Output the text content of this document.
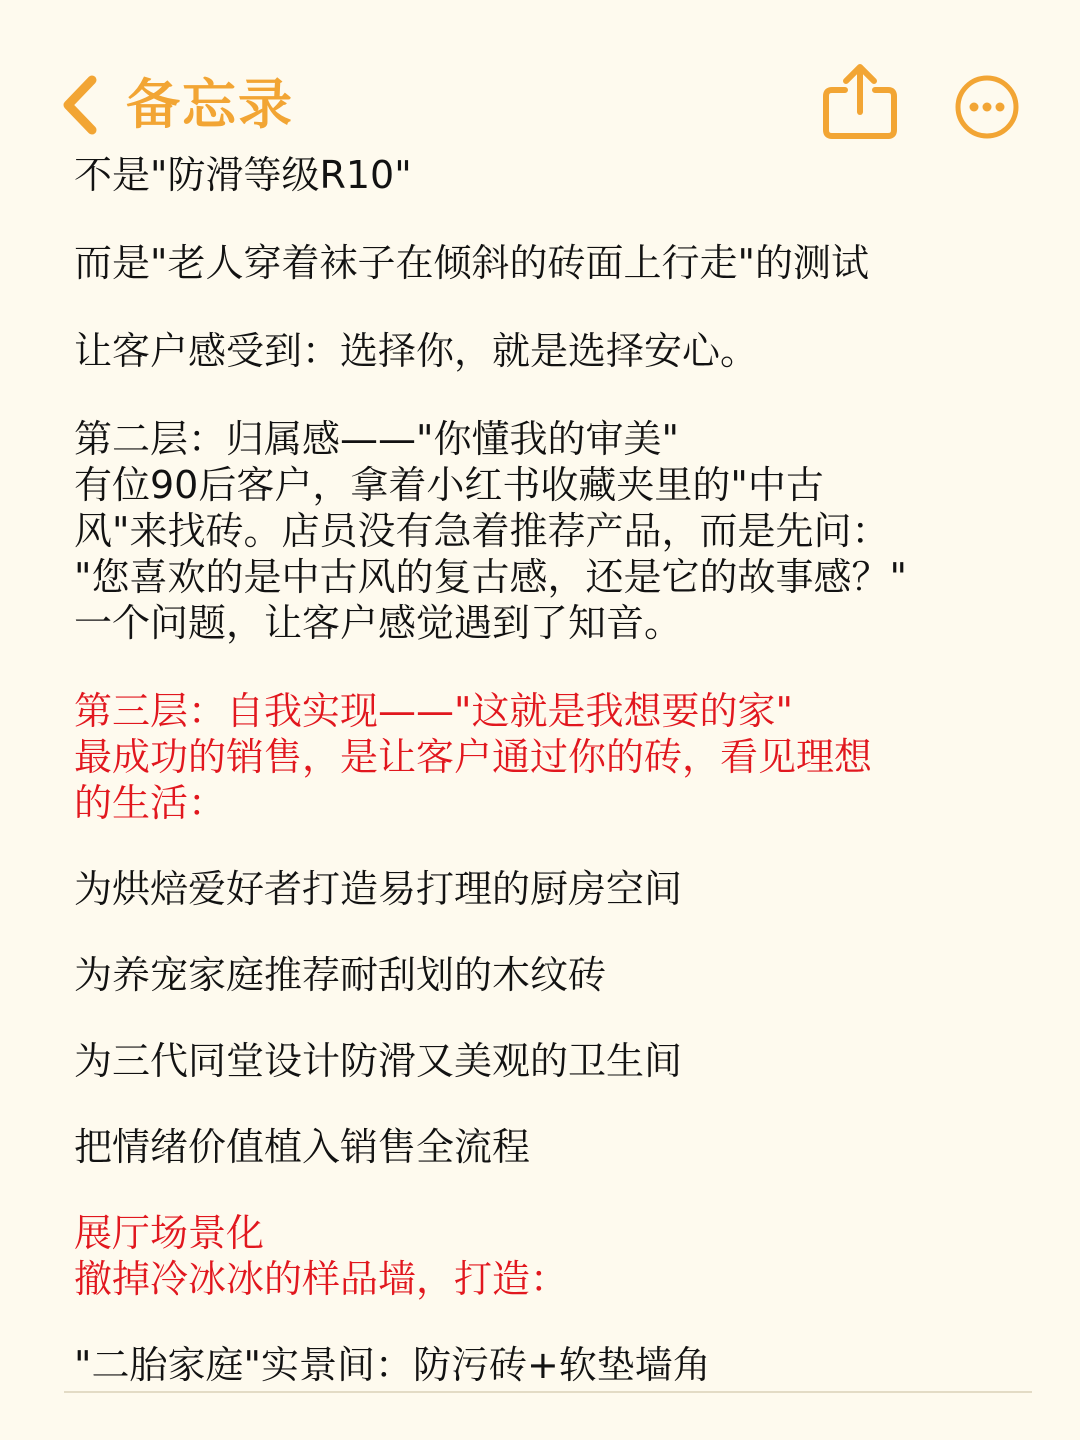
备忘录
不是"防滑等级R10"
而是"老人穿着袜子在倾斜的砖面上行走"的测试
让客户感受到：选择你，就是选择安心。
第二层：归属感——"你懂我的审美"
有位90后客户，拿着小红书收藏夹里的"中古
风"来找砖。店员没有急着推荐产品，而是先问：
"您喜欢的是中古风的复古感，还是它的故事感？"
一个问题，让客户感觉遇到了知音。
第三层：自我实现——"这就是我想要的家"
最成功的销售，是让客户通过你的砖，看见理想
的生活：
为烘焙爱好者打造易打理的厨房空间
为养宠家庭推荐耐刮划的木纹砖
为三代同堂设计防滑又美观的卫生间
把情绪价值植入销售全流程
展厅场景化
撤掉冷冰冰的样品墙，打造：
"二胎家庭"实景间：防污砖+软垫墙角
